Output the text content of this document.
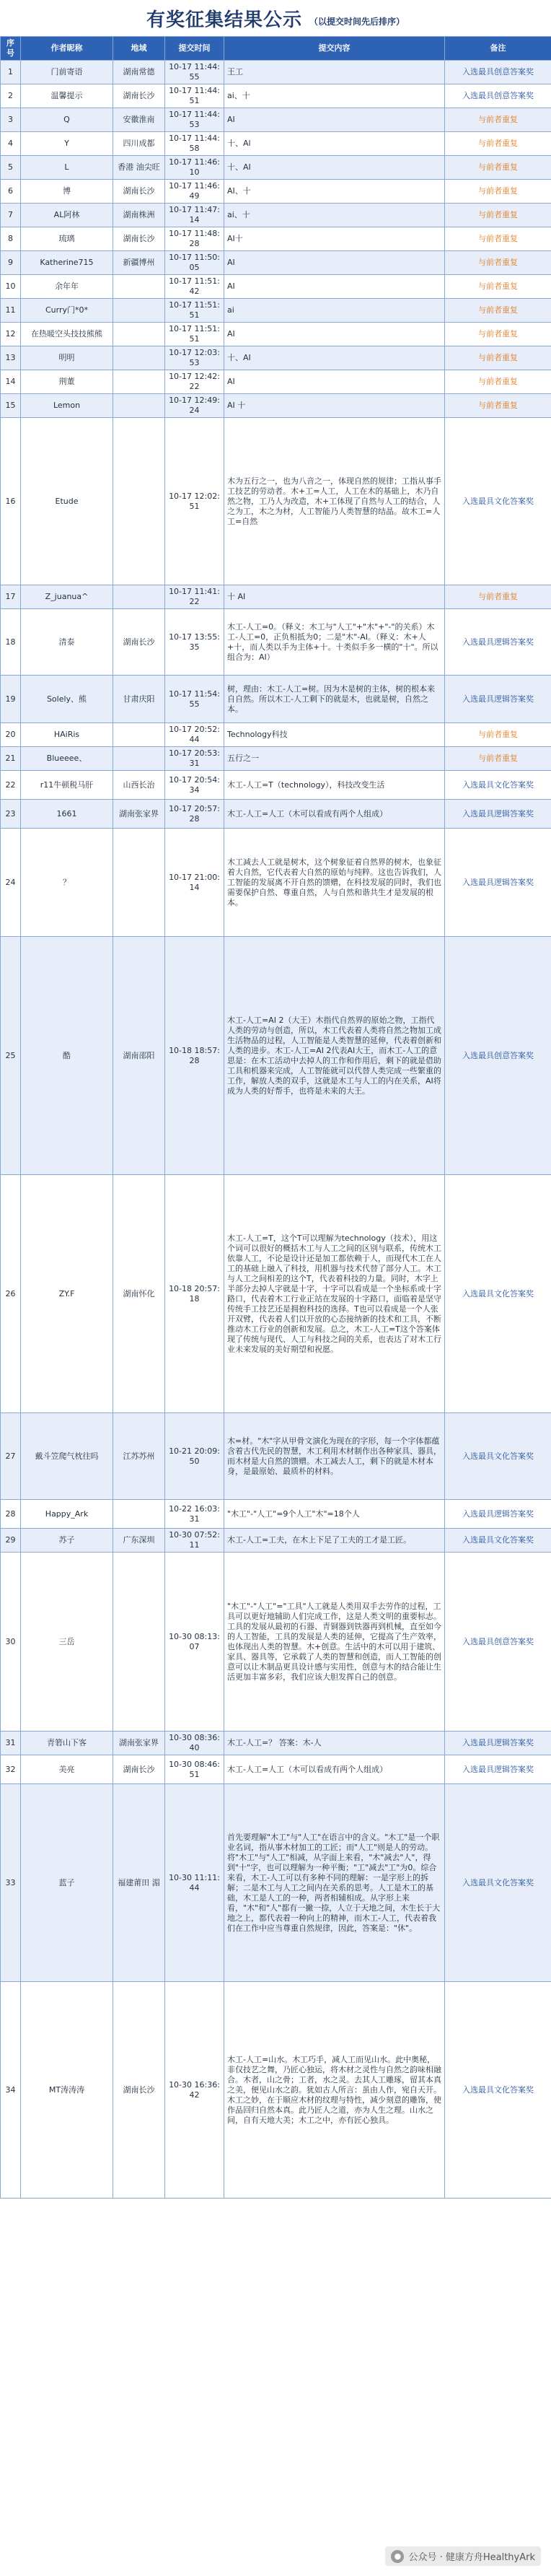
有奖征集结果公示 （以提交时间先后排序）
序号	作者昵称	地域	提交时间	提交内容	备注
1	门前寄语	湖南常德	10-17 11:44:55	王工	入选最具创意答案奖
2	温馨提示	湖南长沙	10-17 11:44:51	ai、十	入选最具创意答案奖
3	Q	安徽淮南	10-17 11:44:53	AI	与前者重复
4	Y	四川成都	10-17 11:44:58	十、Al	与前者重复
5	L	香港 油尖旺	10-17 11:46:10	十、AI	与前者重复
6	博	湖南长沙	10-17 11:46:49	AI、十	与前者重复
7	AL阿林	湖南株洲	10-17 11:47:14	ai、十	与前者重复
8	琉璃	湖南长沙	10-17 11:48:28	AI十	与前者重复
9	Katherine715	新疆博州	10-17 11:50:05	AI	与前者重复
10	余年年		10-17 11:51:42	AI	与前者重复
11	Curry门*0*		10-17 11:51:51	ai	与前者重复
12	在热暖空头技技熊熊		10-17 11:51:51	AI	与前者重复
13	明明		10-17 12:03:53	十、AI	与前者重复
14	荆董		10-17 12:42:22	AI	与前者重复
15	Lemon		10-17 12:49:24	AI 十	与前者重复
16	Etude		10-17 12:02:51	木为五行之一，也为八音之一，体现自然的规律；工指从事手工技艺的劳动者。木+工=人工，人工在木的基础上，木乃自然之物，工乃人为改造，木+工体现了自然与人工的结合，人之为工，木之为材，人工智能乃人类智慧的结晶。故木工=人工=自然	入选最具文化答案奖
17	Z_juanua^		10-17 11:41:22	十 AI	与前者重复
18	清泰	湖南长沙	10-17 13:55:35	木工-人工=0。（释义：木工与"人工"+"木"+"-"的关系）木工-人工=0，正负相抵为0；二是"木"-AI。（释义：木+人+十，而人类以手为主体+十。十类似手多一横的"十"。所以组合为：AI）	入选最具逻辑答案奖
19	Solely、熊	甘肃庆阳	10-17 11:54:55	树，理由：木工-人工=树。因为木是树的主体，树的根本来自自然。所以木工-人工剩下的就是木，也就是树，自然之本。	入选最具逻辑答案奖
20	HAiRis		10-17 20:52:44	Technology科技	与前者重复
21	Blueeee、		10-17 20:53:31	五行之一	与前者重复
22	r11牛顿税马肝	山西长治	10-17 20:54:34	木工-人工=T（technology），科技改变生活	入选最具文化答案奖
23	1661	湖南张家界	10-17 20:57:28	木工-人工=人工（木可以看成有两个人组成）	入选最具逻辑答案奖
24	？		10-17 21:00:14	木工减去人工就是树木，这个树象征着自然界的树木，也象征着大自然，它代表着大自然的原始与纯粹。这也告诉我们，人工智能的发展离不开自然的馈赠，在科技发展的同时，我们也需要保护自然、尊重自然，人与自然和谐共生才是发展的根本。	入选最具逻辑答案奖
25	酷	湖南邵阳	10-18 18:57:28	木工-人工=AI 2（大王）木指代自然界的原始之物，工指代人类的劳动与创造，所以，木工代表着人类将自然之物加工成生活物品的过程，人工智能是人类智慧的延伸，代表着创新和人类的进步。木工-人工=AI 2代表AI大王，而木工-人工的意思是：在木工活动中去掉人的工作和作用后，剩下的就是借助工具和机器来完成，人工智能就可以代替人类完成一些繁重的工作，解放人类的双手，这就是木工与人工的内在关系，AI将成为人类的好帮手，也将是未来的大王。	入选最具创意答案奖
26	ZY.F	湖南怀化	10-18 20:57:18	木工-人工=T，这个T可以理解为technology（技术），用这个词可以很好的概括木工与人工之间的区别与联系，传统木工依靠人工，不论是设计还是加工都依赖于人，而现代木工在人工的基础上融入了科技，用机器与技术代替了部分人工。木工与人工之间相差的这个T，代表着科技的力量。同时，木字上半部分去掉人字就是十字，十字可以看成是一个坐标系或十字路口，代表着木工行业正站在发展的十字路口，面临着是坚守传统手工技艺还是拥抱科技的选择。T也可以看成是一个人张开双臂，代表着人们以开放的心态接纳新的技术和工具，不断推动木工行业的创新和发展。总之，木工-人工=T这个答案体现了传统与现代、人工与科技之间的关系，也表达了对木工行业未来发展的美好期望和祝愿。	入选最具文化答案奖
27	戴斗笠爬气枕往吗	江苏苏州	10-21 20:09:50	木=材。"木"字从甲骨文演化为现在的字形，每一个字体都蕴含着古代先民的智慧，木工利用木材制作出各种家具、器具，而木材是大自然的馈赠。木工减去人工，剩下的就是木材本身，是最原始、最质朴的材料。	入选最具文化答案奖
28	Happy_Ark		10-22 16:03:31	"木工"-"人工"=9个人工"木"=18个人	入选最具逻辑答案奖
29	苏子	广东深圳	10-30 07:52:11	木工-人工=工夫，在木上下足了工夫的工才是工匠。	入选最具文化答案奖
30	三岳		10-30 08:13:07	"木工"-"人工"="工具"人工就是人类用双手去劳作的过程，工具可以更好地辅助人们完成工作，这是人类文明的重要标志。工具的发展从最初的石器、青铜器到铁器再到机械，直至如今的人工智能，工具的发展是人类的延伸，它提高了生产效率，也体现出人类的智慧。木+创意。生活中的木可以用于建筑、家具、器具等，它承载了人类的智慧和创造，而人工智能的创意可以让木制品更具设计感与实用性，创意与木的结合能让生活更加丰富多彩，我们应该大胆发挥自己的创意。	入选最具创意答案奖
31	青箬山下客	湖南张家界	10-30 08:36:40	木工-人工=？ 答案：木-人	入选最具逻辑答案奖
32	美亮	湖南长沙	10-30 08:46:51	木工-人工=人工（木可以看成有两个人组成）	入选最具逻辑答案奖
33	蓝子	福建莆田 湄	10-30 11:11:44	首先要理解"木工"与"人工"在语言中的含义。"木工"是一个职业名词，指从事木材加工的工匠；而"人工"则是人的劳动。将"木工"与"人工"相减，从字面上来看，"木"减去"人"，得到"十"字，也可以理解为一种平衡；"工"减去"工"为0。综合来看，木工-人工可以有多种不同的理解：一是字形上的拆解；二是木工与人工之间内在关系的思考。人工是木工的基础，木工是人工的一种，两者相辅相成。从字形上来看，"木"和"人"都有一撇一捺，人立于天地之间，木生长于大地之上，都代表着一种向上的精神，而木工-人工，代表着我们在工作中应当尊重自然规律，因此，答案是："休"。	入选最具文化答案奖
34	MT涛涛涛	湖南长沙	10-30 16:36:42	木工-人工=山水。木工巧手，减人工而见山水。此中奥秘，非仅技艺之舞，乃匠心独运，将木材之灵性与自然之韵味相融合。木者，山之骨；工者，水之灵。去其人工雕琢，留其本真之美，便见山水之韵。犹如古人所言：虽由人作，宛自天开。木工之妙，在于顺应木材的纹理与特性，减少刻意的雕饰，使作品回归自然本真。此乃匠人之道，亦为人生之理。山水之间，自有天地大美；木工之中，亦有匠心独具。	入选最具文化答案奖
● 公众号 · 健康方舟HealthyArk
